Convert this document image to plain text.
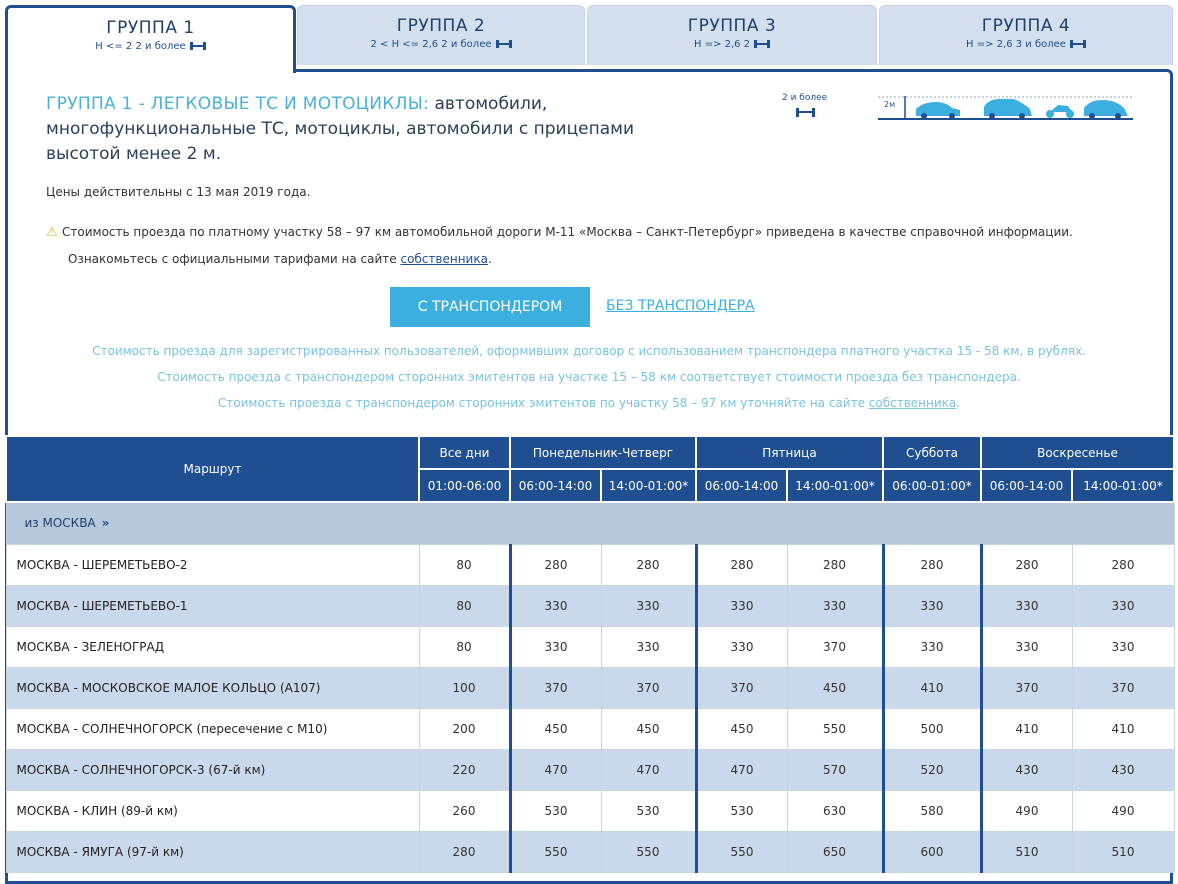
ГРУППА 1
H <= 2 2 и более
ГРУППА 2
2 < H <= 2,6 2 и более
ГРУППА 3
H => 2,6 2
ГРУППА 4
H => 2,6 3 и более
ГРУППА 1 - ЛЕГКОВЫЕ ТС И МОТОЦИКЛЫ: автомобили, многофункциональные ТС, мотоциклы, автомобили с прицепами высотой менее 2 м.
2 и более
2м
Цены действительны с 13 мая 2019 года.
⚠ Стоимость проезда по платному участку 58 – 97 км автомобильной дороги М-11 «Москва – Санкт-Петербург» приведена в качестве справочной информации.
Ознакомьтесь с официальными тарифами на сайте собственника.
С ТРАНСПОНДЕРОМ	БЕЗ ТРАНСПОНДЕРА
Стоимость проезда для зарегистрированных пользователей, оформивших договор с использованием транспондера платного участка 15 - 58 км, в рублях.
Стоимость проезда с транспондером сторонних эмитентов на участке 15 – 58 км соответствует стоимости проезда без транспондера.
Стоимость проезда с транспондером сторонних эмитентов по участку 58 – 97 км уточняйте на сайте собственника.
Маршрут	Все дни	Понедельник-Четверг		Пятница		Суббота	Воскресенье	
	01:00-06:00	06:00-14:00	14:00-01:00*	06:00-14:00	14:00-01:00*	06:00-01:00*	06:00-14:00	14:00-01:00*
из МОСКВА »								
МОСКВА - ШЕРЕМЕТЬЕВО-2	80	280	280	280	280	280	280	280
МОСКВА - ШЕРЕМЕТЬЕВО-1	80	330	330	330	330	330	330	330
МОСКВА - ЗЕЛЕНОГРАД	80	330	330	330	370	330	330	330
МОСКВА - МОСКОВСКОЕ МАЛОЕ КОЛЬЦО (А107)	100	370	370	370	450	410	370	370
МОСКВА - СОЛНЕЧНОГОРСК (пересечение с М10)	200	450	450	450	550	500	410	410
МОСКВА - СОЛНЕЧНОГОРСК-3 (67-й км)	220	470	470	470	570	520	430	430
МОСКВА - КЛИН (89-й км)	260	530	530	530	630	580	490	490
МОСКВА - ЯМУГА (97-й км)	280	550	550	550	650	600	510	510
